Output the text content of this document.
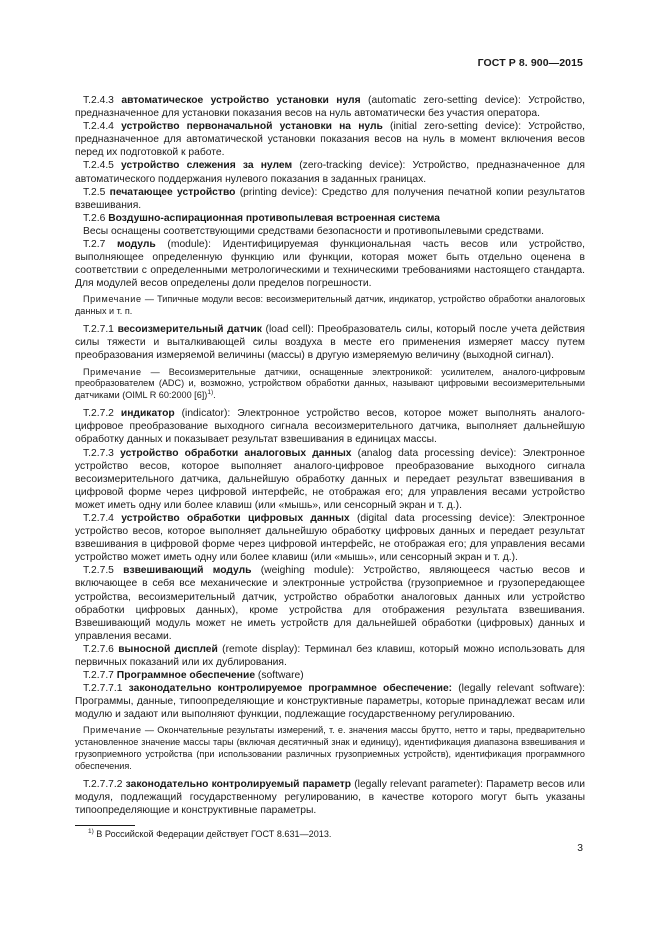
ГОСТ Р 8. 900—2015

Т.2.4.3 автоматическое устройство установки нуля (automatic zero-setting device): Устройство, предназначенное для установки показания весов на нуль автоматически без участия оператора.

Т.2.4.4 устройство первоначальной установки на нуль (initial zero-setting device): Устройство, предназначенное для автоматической установки показания весов на нуль в момент включения весов перед их подготовкой к работе.

Т.2.4.5 устройство слежения за нулем (zero-tracking device): Устройство, предназначенное для автоматического поддержания нулевого показания в заданных границах.

Т.2.5 печатающее устройство (printing device): Средство для получения печатной копии результатов взвешивания.

Т.2.6 Воздушно-аспирационная противопылевая встроенная система

Весы оснащены соответствующими средствами безопасности и противопылевыми средствами.

Т.2.7 модуль (module): Идентифицируемая функциональная часть весов или устройство, выполняющее определенную функцию или функции, которая может быть отдельно оценена в соответствии с определенными метрологическими и техническими требованиями настоящего стандарта. Для модулей весов определены доли пределов погрешности.

Примечание — Типичные модули весов: весоизмерительный датчик, индикатор, устройство обработки аналоговых данных и т. п.

Т.2.7.1 весоизмерительный датчик (load cell): Преобразователь силы, который после учета действия силы тяжести и выталкивающей силы воздуха в месте его применения измеряет массу путем преобразования измеряемой величины (массы) в другую измеряемую величину (выходной сигнал).

Примечание — Весоизмерительные датчики, оснащенные электроникой: усилителем, аналого-цифровым преобразователем (ADC) и, возможно, устройством обработки данных, называют цифровыми весоизмерительными датчиками (OIML R 60:2000 [6])$^{1)}$.

Т.2.7.2 индикатор (indicator): Электронное устройство весов, которое может выполнять аналого-цифровое преобразование выходного сигнала весоизмерительного датчика, выполняет дальнейшую обработку данных и показывает результат взвешивания в единицах массы.

Т.2.7.3 устройство обработки аналоговых данных (analog data processing device): Электронное устройство весов, которое выполняет аналого-цифровое преобразование выходного сигнала весоизмерительного датчика, дальнейшую обработку данных и передает результат взвешивания в цифровой форме через цифровой интерфейс, не отображая его; для управления весами устройство может иметь одну или более клавиш (или «мышь», или сенсорный экран и т. д.).

Т.2.7.4 устройство обработки цифровых данных (digital data processing device): Электронное устройство весов, которое выполняет дальнейшую обработку цифровых данных и передает результат взвешивания в цифровой форме через цифровой интерфейс, не отображая его; для управления весами устройство может иметь одну или более клавиш (или «мышь», или сенсорный экран и т. д.).

Т.2.7.5 взвешивающий модуль (weighing module): Устройство, являющееся частью весов и включающее в себя все механические и электронные устройства (грузоприемное и грузопередающее устройства, весоизмерительный датчик, устройство обработки аналоговых данных или устройство обработки цифровых данных), кроме устройства для отображения результата взвешивания. Взвешивающий модуль может не иметь устройств для дальнейшей обработки (цифровых) данных и управления весами.

Т.2.7.6 выносной дисплей (remote display): Терминал без клавиш, который можно использовать для первичных показаний или их дублирования.

Т.2.7.7 Программное обеспечение (software)

Т.2.7.7.1 законодательно контролируемое программное обеспечение: (legally relevant software): Программы, данные, типоопределяющие и конструктивные параметры, которые принадлежат весам или модулю и задают или выполняют функции, подлежащие государственному регулированию.

Примечание — Окончательные результаты измерений, т. е. значения массы брутто, нетто и тары, предварительно установленное значение массы тары (включая десятичный знак и единицу), идентификация диапазона взвешивания и грузоприемного устройства (при использовании различных грузоприемных устройств), идентификация программного обеспечения.

Т.2.7.7.2 законодательно контролируемый параметр (legally relevant parameter): Параметр весов или модуля, подлежащий государственному регулированию, в качестве которого могут быть указаны типоопределяющие и конструктивные параметры.

$^{1)}$ В Российской Федерации действует ГОСТ 8.631—2013.
3
